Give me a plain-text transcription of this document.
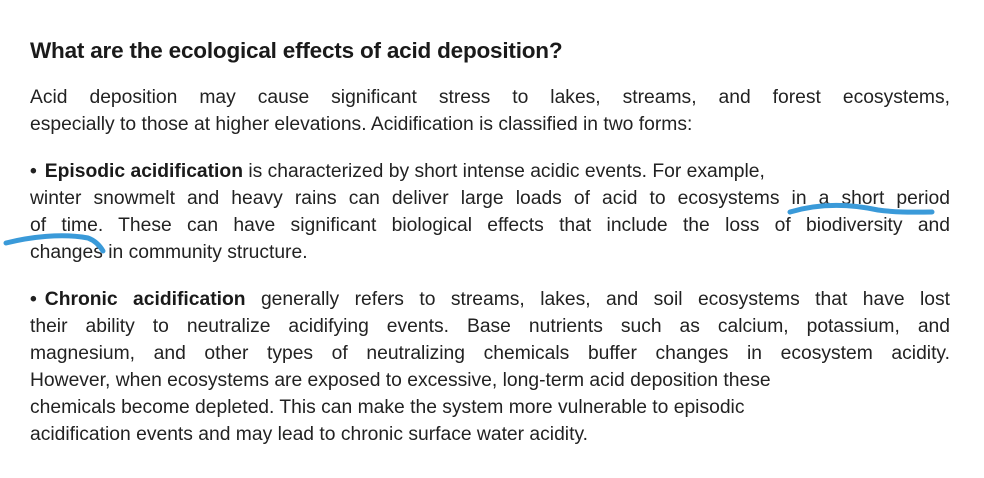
What are the ecological effects of acid deposition?
Acid deposition may cause significant stress to lakes, streams, and forest ecosystems,
especially to those at higher elevations. Acidification is classified in two forms:
• Episodic acidification is characterized by short intense acidic events. For example,
winter snowmelt and heavy rains can deliver large loads of acid to ecosystems in a short period
of time. These can have significant biological effects that include the loss of biodiversity and
changes in community structure.
• Chronic acidification generally refers to streams, lakes, and soil ecosystems that have lost
their ability to neutralize acidifying events. Base nutrients such as calcium, potassium, and
magnesium, and other types of neutralizing chemicals buffer changes in ecosystem acidity.
However, when ecosystems are exposed to excessive, long-term acid deposition these
chemicals become depleted. This can make the system more vulnerable to episodic
acidification events and may lead to chronic surface water acidity.
